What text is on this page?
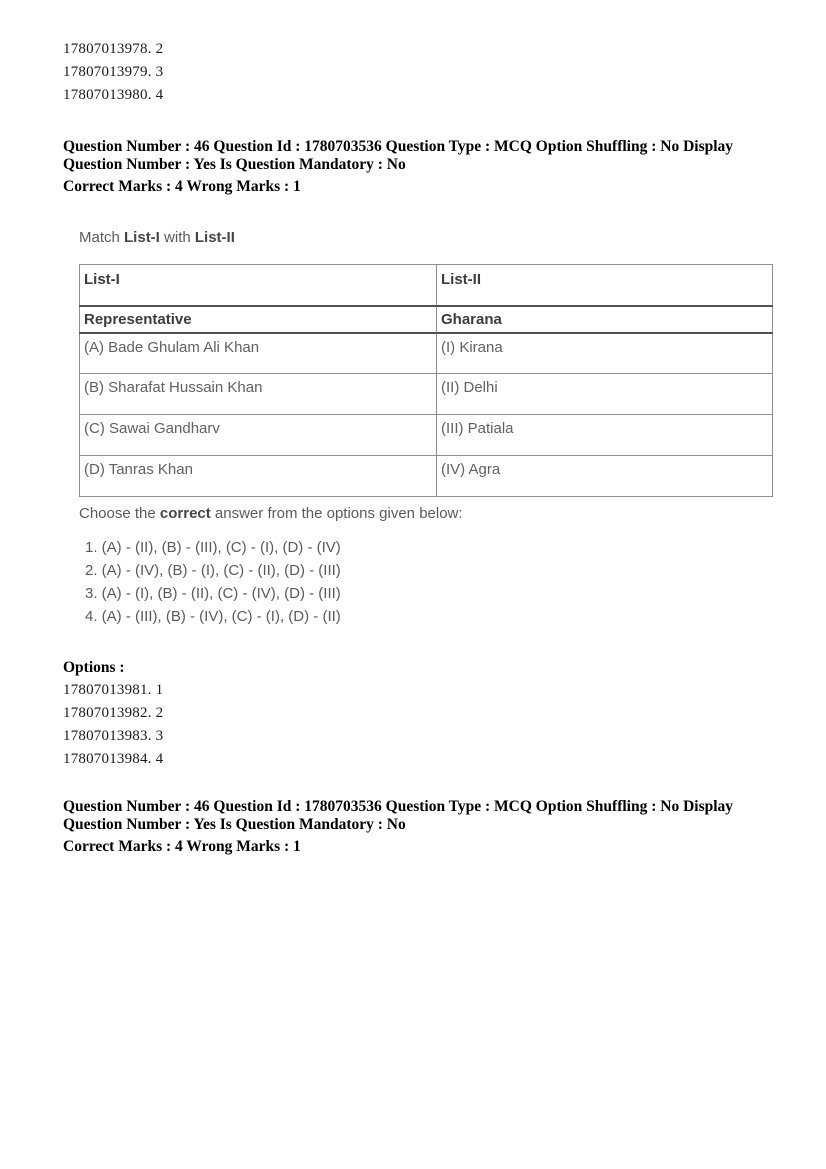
17807013978. 2
17807013979. 3
17807013980. 4
Question Number : 46 Question Id : 1780703536 Question Type : MCQ Option Shuffling : No Display
Question Number : Yes Is Question Mandatory : No
Correct Marks : 4 Wrong Marks : 1
Match List-I with List-II
List-I	List-II
Representative	Gharana
(A) Bade Ghulam Ali Khan	(I) Kirana
(B) Sharafat Hussain Khan	(II) Delhi
(C) Sawai Gandharv	(III) Patiala
(D) Tanras Khan	(IV) Agra
Choose the correct answer from the options given below:
1. (A) - (II), (B) - (III), (C) - (I), (D) - (IV)
2. (A) - (IV), (B) - (I), (C) - (II), (D) - (III)
3. (A) - (I), (B) - (II), (C) - (IV), (D) - (III)
4. (A) - (III), (B) - (IV), (C) - (I), (D) - (II)
Options :
17807013981. 1
17807013982. 2
17807013983. 3
17807013984. 4
Question Number : 46 Question Id : 1780703536 Question Type : MCQ Option Shuffling : No Display
Question Number : Yes Is Question Mandatory : No
Correct Marks : 4 Wrong Marks : 1
